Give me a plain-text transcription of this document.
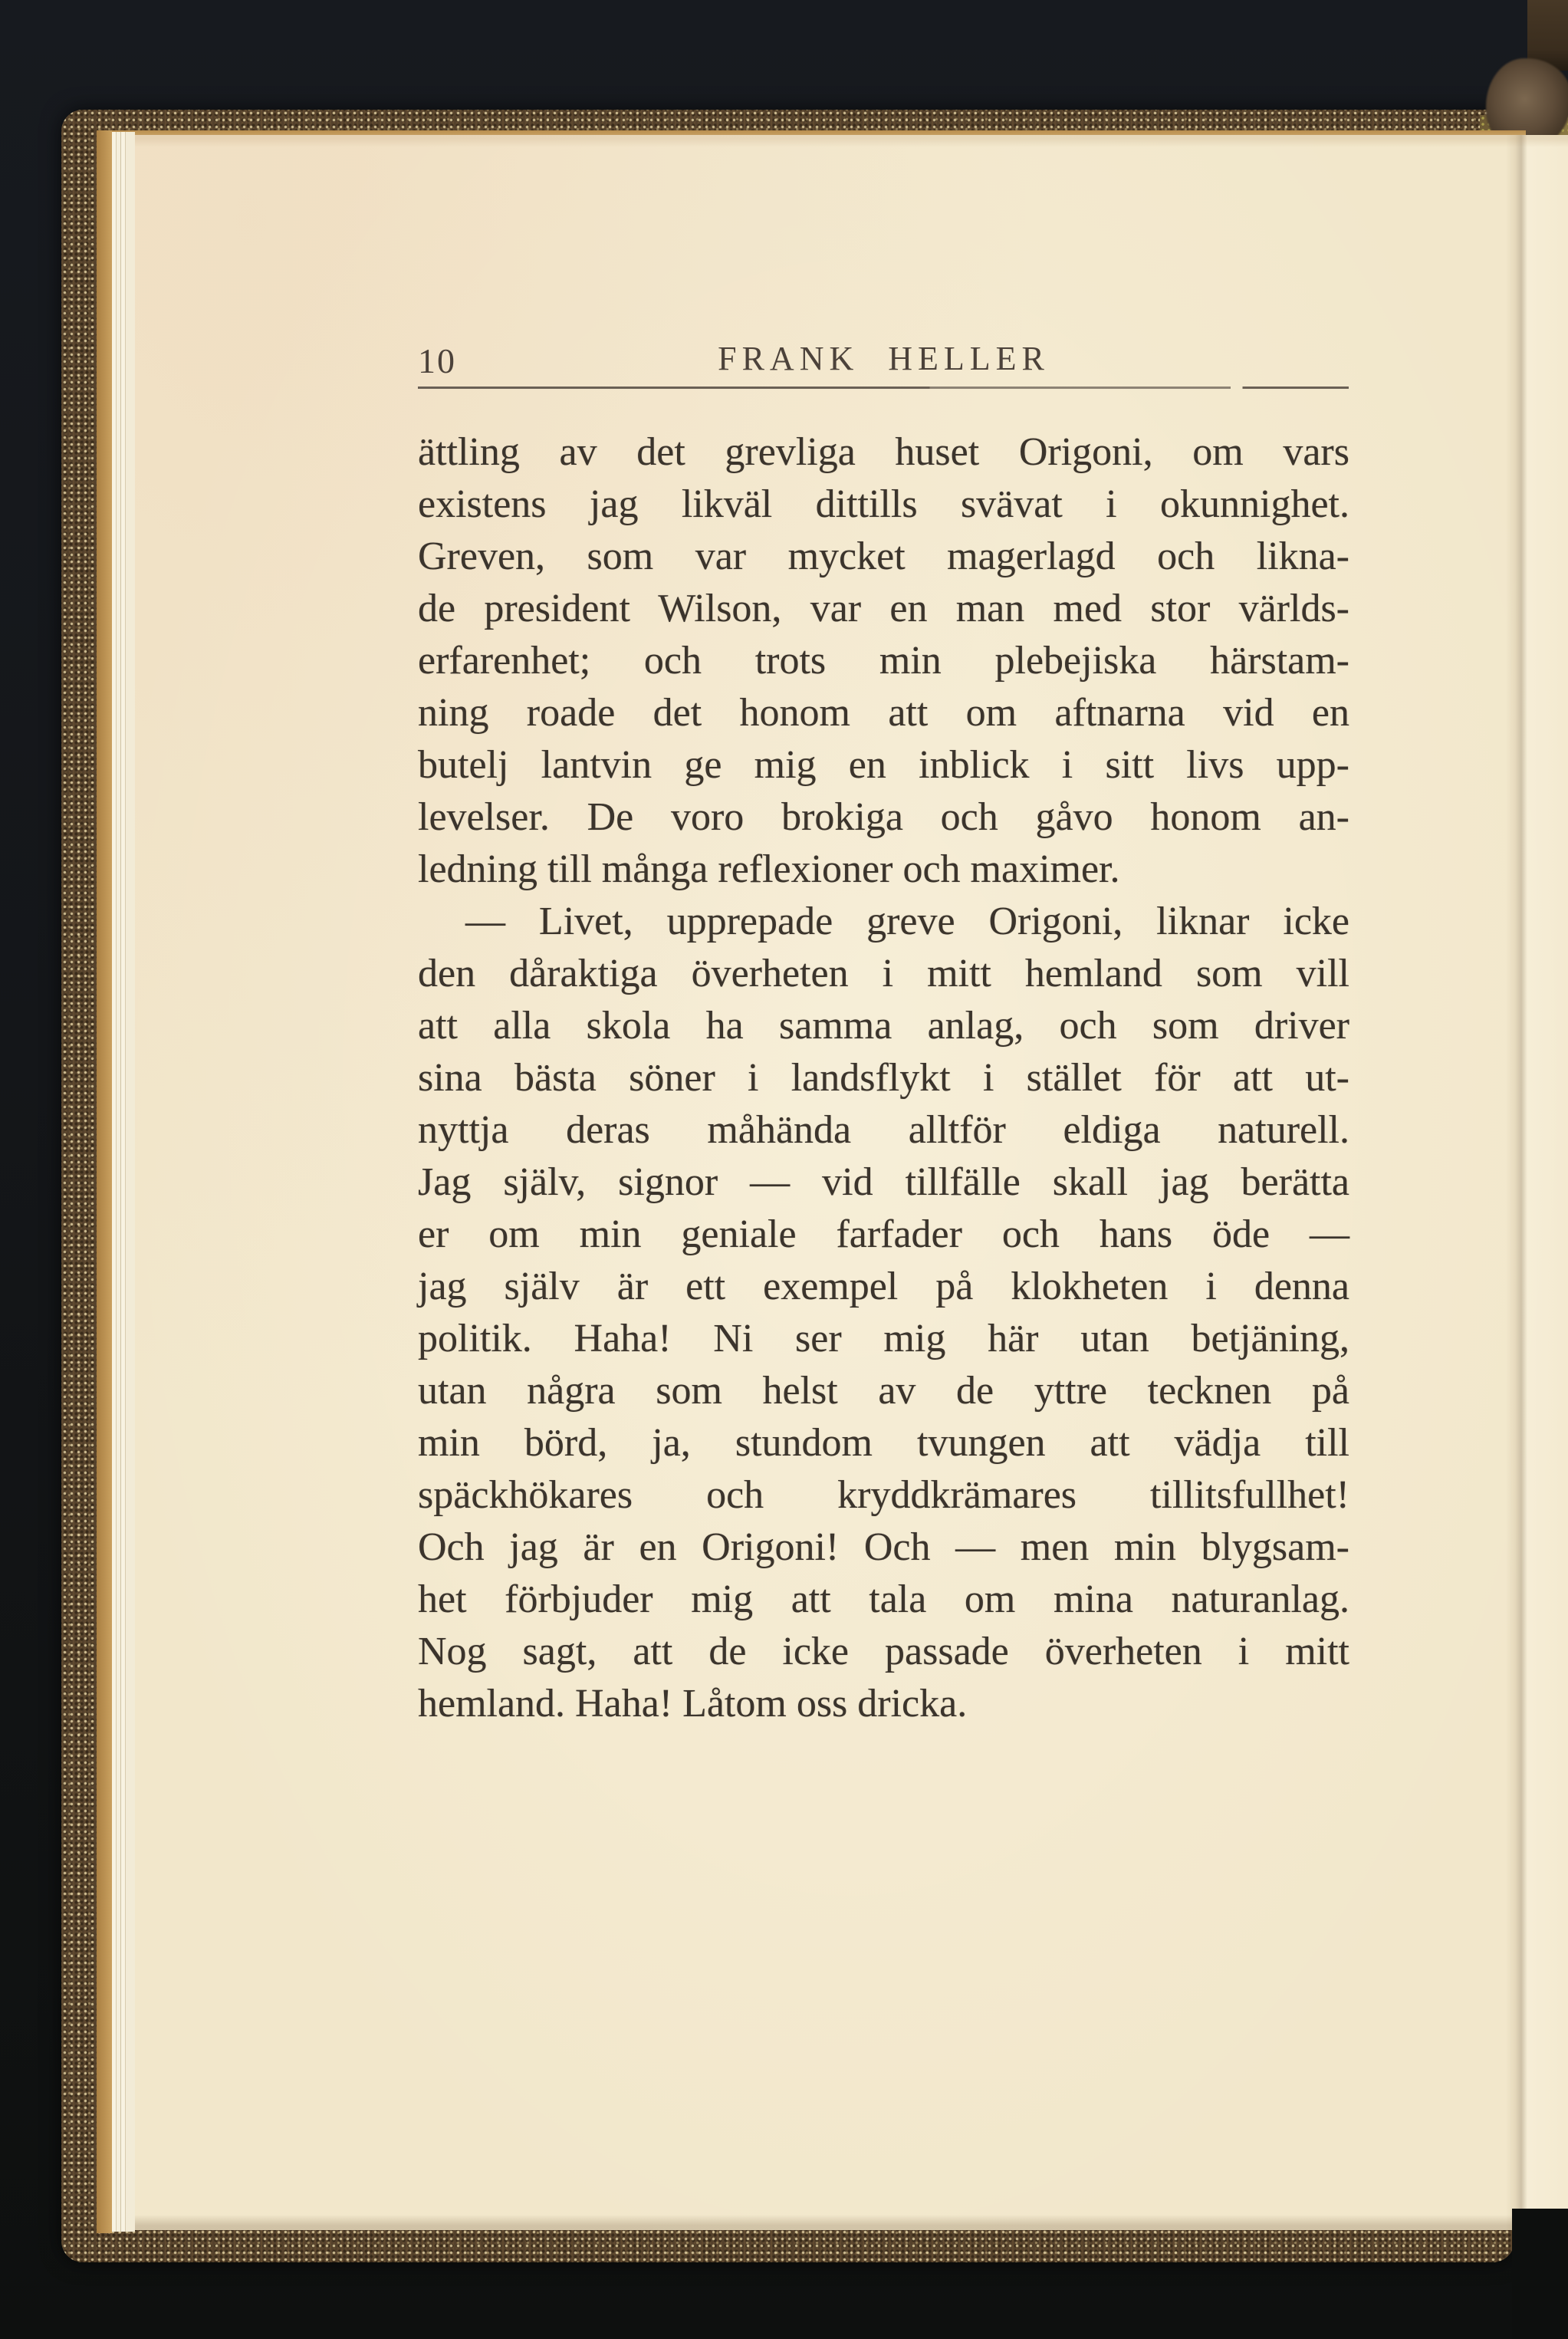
10	FRANK HELLER
ättling av det grevliga huset Origoni, om vars
existens jag likväl dittills svävat i okunnighet.
Greven, som var mycket magerlagd och likna-
de president Wilson, var en man med stor världs-
erfarenhet; och trots min plebejiska härstam-
ning roade det honom att om aftnarna vid en
butelj lantvin ge mig en inblick i sitt livs upp-
levelser. De voro brokiga och gåvo honom an-
ledning till många reflexioner och maximer.
— Livet, upprepade greve Origoni, liknar icke
den dåraktiga överheten i mitt hemland som vill
att alla skola ha samma anlag, och som driver
sina bästa söner i landsflykt i stället för att ut-
nyttja deras måhända alltför eldiga naturell.
Jag själv, signor — vid tillfälle skall jag berätta
er om min geniale farfader och hans öde —
jag själv är ett exempel på klokheten i denna
politik. Haha! Ni ser mig här utan betjäning,
utan några som helst av de yttre tecknen på
min börd, ja, stundom tvungen att vädja till
späckhökares och kryddkrämares tillitsfullhet!
Och jag är en Origoni! Och — men min blygsam-
het förbjuder mig att tala om mina naturanlag.
Nog sagt, att de icke passade överheten i mitt
hemland. Haha! Låtom oss dricka.
